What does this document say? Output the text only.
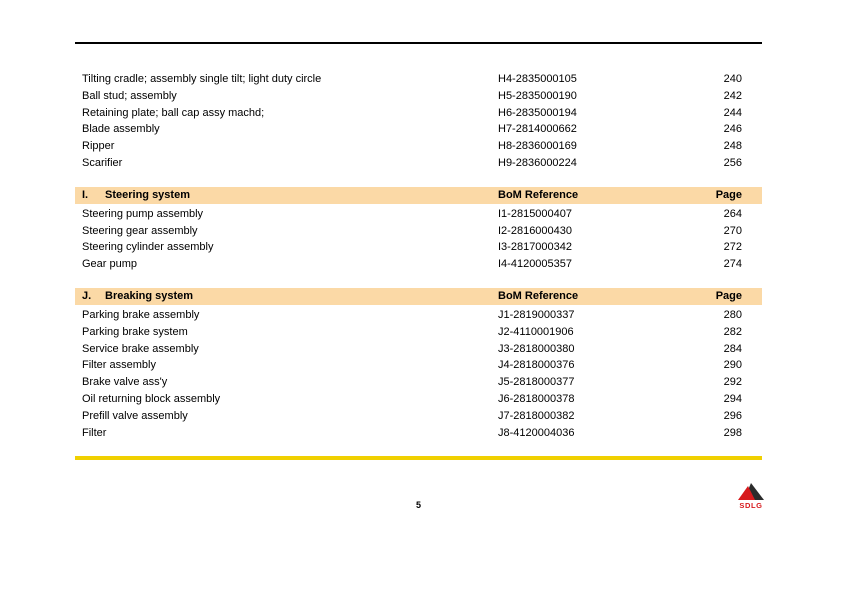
Tilting cradle; assembly single tilt; light duty circle	H4-2835000105	240
Ball stud; assembly	H5-2835000190	242
Retaining plate; ball cap assy machd;	H6-2835000194	244
Blade assembly	H7-2814000662	246
Ripper	H8-2836000169	248
Scarifier	H9-2836000224	256
I. Steering system	BoM Reference	Page
Steering pump assembly	I1-2815000407	264
Steering gear assembly	I2-2816000430	270
Steering cylinder assembly	I3-2817000342	272
Gear pump	I4-4120005357	274
J. Breaking system	BoM Reference	Page
Parking brake assembly	J1-2819000337	280
Parking brake system	J2-4110001906	282
Service brake assembly	J3-2818000380	284
Filter assembly	J4-2818000376	290
Brake valve ass'y	J5-2818000377	292
Oil returning block assembly	J6-2818000378	294
Prefill valve assembly	J7-2818000382	296
Filter	J8-4120004036	298
5	SDLG
